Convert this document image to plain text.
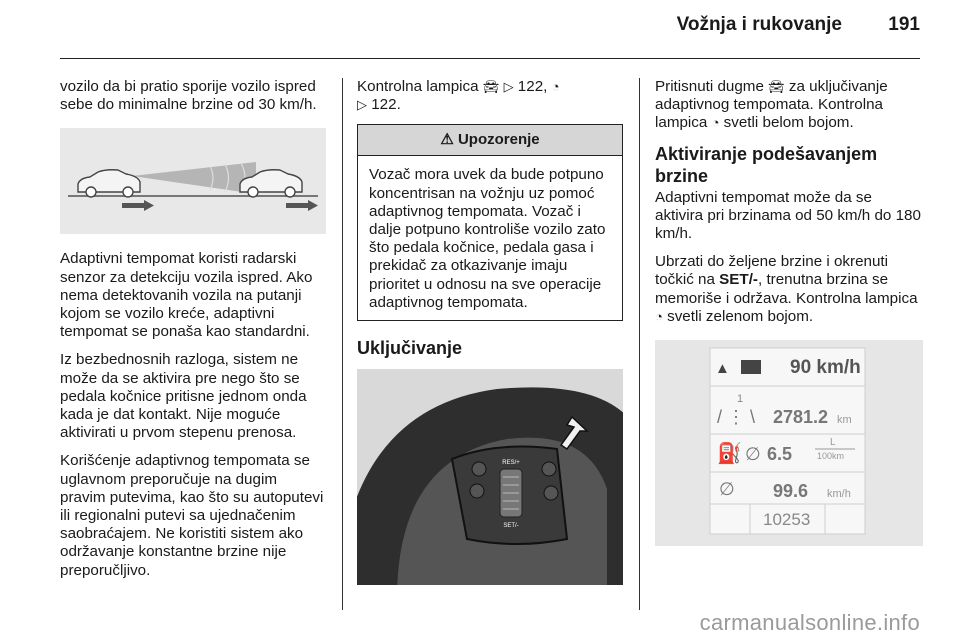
Vožnja i rukovanje 191

vozilo da bi pratio sporije vozilo ispred sebe do minimalne brzine od 30 km/h.

Adaptivni tempomat koristi radarski senzor za detekciju vozila ispred. Ako nema detektovanih vozila na putanji kojom se vozilo kreće, adaptivni tempomat se ponaša kao standardni.

Iz bezbednosnih razloga, sistem ne može da se aktivira pre nego što se pedala kočnice pritisne jednom onda kada je dat kontakt. Nije moguće aktivirati u prvom stepenu prenosa.

Korišćenje adaptivnog tempomata se uglavnom preporučuje na dugim pravim putevima, kao što su autoputevi ili regionalni putevi sa ujednačenim saobraćajem. Ne koristiti sistem ako održavanje konstantne brzine nije preporučljivo.

Kontrolna lampica 🚘︎ ▷ 122, ◔
▷ 122.

⚠ Upozorenje
Vozač mora uvek da bude potpuno koncentrisan na vožnju uz pomoć adaptivnog tempomata. Vozač i dalje potpuno kontroliše vozilo zato što pedala kočnice, pedala gasa i prekidač za otkazivanje imaju prioritet u odnosu na sve operacije adaptivnog tempomata.
Uključivanje
RES/+
SET/-

Pritisnuti dugme 🚘︎ za uključivanje adaptivnog tempomata. Kontrolna lampica ◔ svetli belom bojom.

Aktiviranje podešavanjem brzine

Adaptivni tempomat može da se aktivira pri brzinama od 50 km/h do 180 km/h.

Ubrzati do željene brzine i okrenuti točkić na SET/-, trenutna brzina se memoriše i održava. Kontrolna lampica ◔ svetli zelenom bojom.

▲	90 km/h
1
/ ⋮ \ 2781.2 km
⛽ ∅ 6.5
L
100km
∅ 99.6 km/h
10253
carmanualsonline.info
